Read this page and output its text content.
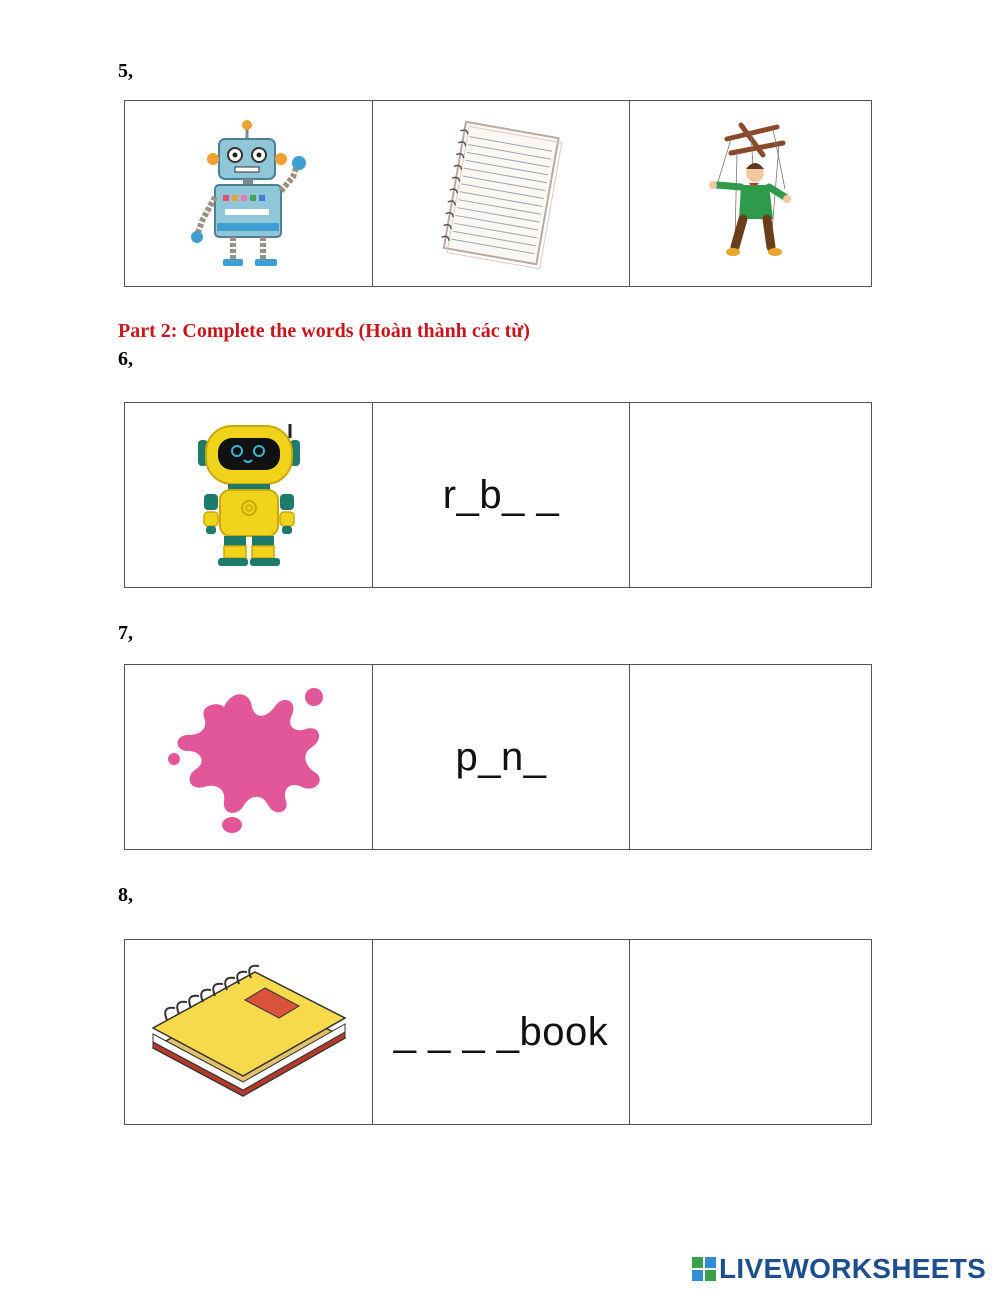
5,

Part 2: Complete the words (Hoàn thành các từ)
6,
	r_b_ _	
7,
	p_n_	
8,
	_ _ _ _book	
LIVEWORKSHEETS
